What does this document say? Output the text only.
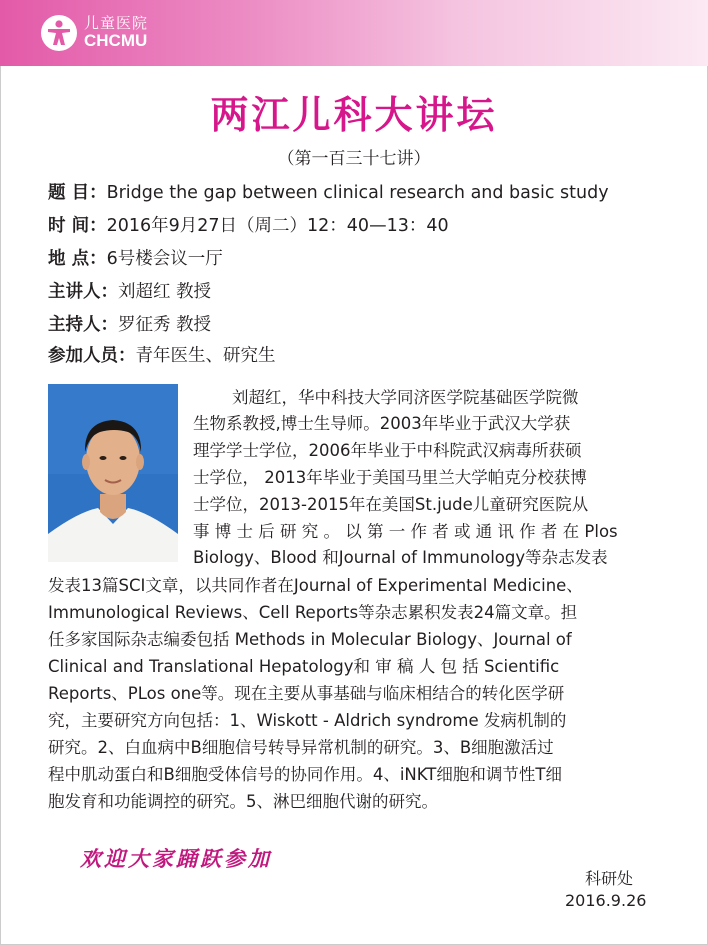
儿童医院
CHCMU
两江儿科大讲坛
（第一百三十七讲）
题 目：Bridge the gap between clinical research and basic study
时 间：2016年9月27日（周二）12：40—13：40
地 点：6号楼会议一厅
主讲人：刘超红 教授
主持人：罗征秀 教授
参加人员：青年医生、研究生
刘超红，华中科技大学同济医学院基础医学院微
生物系教授,博士生导师。2003年毕业于武汉大学获
理学学士学位，2006年毕业于中科院武汉病毒所获硕
士学位， 2013年毕业于美国马里兰大学帕克分校获博
士学位，2013-2015年在美国St.jude儿童研究医院从
事 博 士 后 研 究 。 以 第 一 作 者 或 通 讯 作 者 在 Plos
Biology、Blood 和Journal of Immunology等杂志发表
发表13篇SCI文章，以共同作者在Journal of Experimental Medicine、
Immunological Reviews、Cell Reports等杂志累积发表24篇文章。担
任多家国际杂志编委包括 Methods in Molecular Biology、Journal of
Clinical and Translational Hepatology和 审 稿 人 包 括 Scientific
Reports、PLos one等。现在主要从事基础与临床相结合的转化医学研
究，主要研究方向包括：1、Wiskott - Aldrich syndrome 发病机制的
研究。2、白血病中B细胞信号转导异常机制的研究。3、B细胞激活过
程中肌动蛋白和B细胞受体信号的协同作用。4、iNKT细胞和调节性T细
胞发育和功能调控的研究。5、淋巴细胞代谢的研究。
欢迎大家踊跃参加
科研处
2016.9.26
